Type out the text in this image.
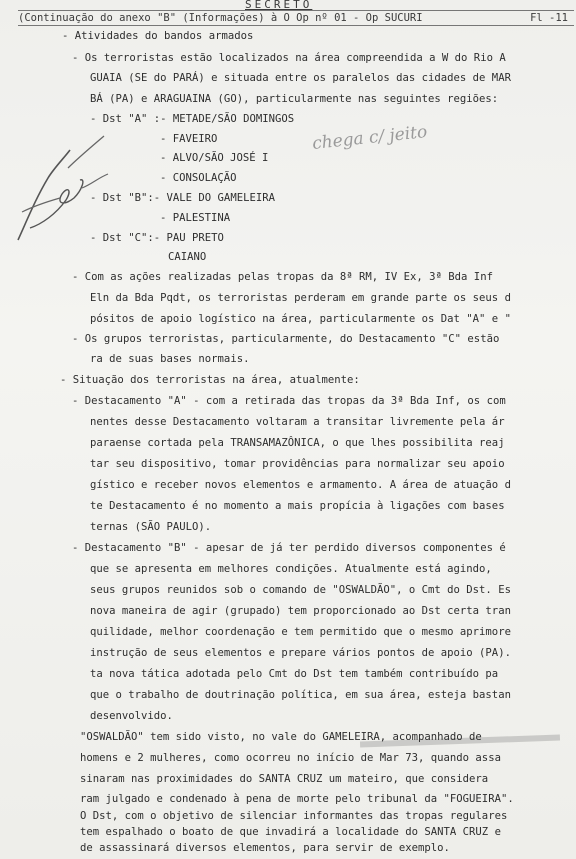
SECRETO
(Continuação do anexo "B" (Informações) à O Op nº 01 - Op SUCURI	Fl -11
chega c/ jeito
- Atividades do bandos armados
- Os terroristas estão localizados na área compreendida a W do Rio A
GUAIA (SE do PARÁ) e situada entre os paralelos das cidades de MAR
BÁ (PA) e ARAGUAINA (GO), particularmente nas seguintes regiões:
- Dst "A" :- METADE/SÃO DOMINGOS
- FAVEIRO
- ALVO/SÃO JOSÉ I
- CONSOLAÇÃO
- Dst "B":- VALE DO GAMELEIRA
- PALESTINA
- Dst "C":- PAU PRETO
CAIANO
- Com as ações realizadas pelas tropas da 8ª RM, IV Ex, 3ª Bda Inf
Eln da Bda Pqdt, os terroristas perderam em grande parte os seus d
pósitos de apoio logístico na área, particularmente os Dat "A" e "
- Os grupos terroristas, particularmente, do Destacamento "C" estão
ra de suas bases normais.
- Situação dos terroristas na área, atualmente:
- Destacamento "A" - com a retirada das tropas da 3ª Bda Inf, os com
nentes desse Destacamento voltaram a transitar livremente pela ár
paraense cortada pela TRANSAMAZÔNICA, o que lhes possibilita reaj
tar seu dispositivo, tomar providências para normalizar seu apoio
gístico e receber novos elementos e armamento. A área de atuação d
te Destacamento é no momento a mais propícia à ligações com bases
ternas (SÃO PAULO).
- Destacamento "B" - apesar de já ter perdido diversos componentes é
que se apresenta em melhores condições. Atualmente está agindo,
seus grupos reunidos sob o comando de "OSWALDÃO", o Cmt do Dst. Es
nova maneira de agir (grupado) tem proporcionado ao Dst certa tran
quilidade, melhor coordenação e tem permitido que o mesmo aprimore
instrução de seus elementos e prepare vários pontos de apoio (PA).
ta nova tática adotada pelo Cmt do Dst tem também contribuído pa
que o trabalho de doutrinação política, em sua área, esteja bastan
desenvolvido.
"OSWALDÃO" tem sido visto, no vale do GAMELEIRA, acompanhado de
homens e 2 mulheres, como ocorreu no início de Mar 73, quando assa
sinaram nas proximidades do SANTA CRUZ um mateiro, que considera
ram julgado e condenado à pena de morte pelo tribunal da "FOGUEIRA".
O Dst, com o objetivo de silenciar informantes das tropas regulares
tem espalhado o boato de que invadirá a localidade do SANTA CRUZ e
de assassinará diversos elementos, para servir de exemplo.
